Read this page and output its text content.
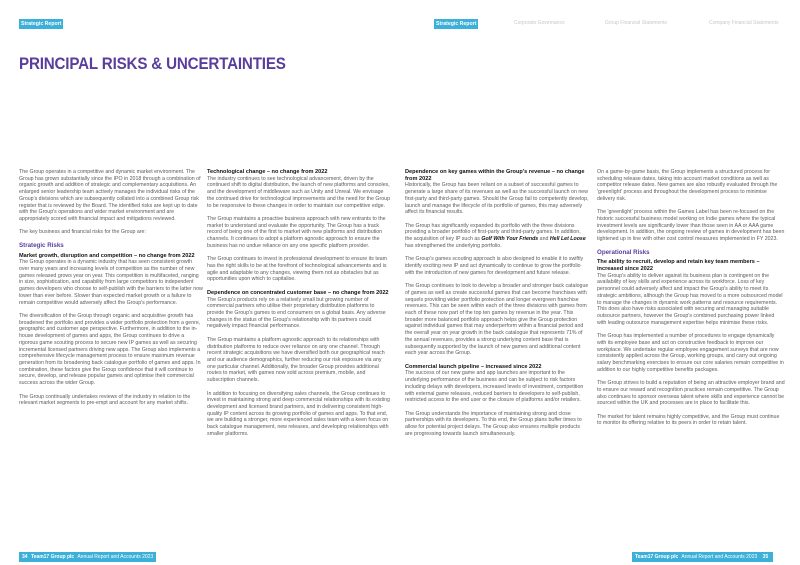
Strategic Report	Strategic Report	Corporate Governance	Group Financial Statements	Company Financial Statements
PRINCIPAL RISKS & UNCERTAINTIES

The Group operates in a competitive and dynamic market environment. The Group has grown substantially since the IPO in 2018 through a combination of organic growth and addition of strategic and complementary acquisitions. An enlarged senior leadership team actively manages the individual risks of the Group's divisions which are subsequently collated into a combined Group risk register that is reviewed by the Board. The identified risks are kept up to date with the Group's operations and wider market environment and are appropriately scored with financial impact and mitigations reviewed.

The key business and financial risks for the Group are:

Strategic Risks
Market growth, disruption and competition – no change from 2022

The Group operates in a dynamic industry that has seen consistent growth over many years and increasing levels of competition as the number of new games released grows year on year. This competition is multifaceted, ranging in size, sophistication, and capability from large competitors to independent games developers who choose to self-publish with the barriers to the latter now lower than ever before. Slower than expected market growth or a failure to remain competitive would adversely affect the Group's performance.

The diversification of the Group through organic and acquisitive growth has broadened the portfolio and provides a wider portfolio protection from a genre, geographic and customer age perspective. Furthermore, in addition to the in-house development of games and apps, the Group continues to drive a rigorous game scouting process to secure new IP games as well as securing incremental licensed partners driving new apps. The Group also implements a comprehensive lifecycle management process to ensure maximum revenue generation from its broadening back catalogue portfolio of games and apps. In combination, these factors give the Group confidence that it will continue to secure, develop, and release popular games and optimise their commercial success across the wider Group.

The Group continually undertakes reviews of the industry in relation to the relevant market segments to pre-empt and account for any market shifts.

Technological change – no change from 2022

The industry continues to see technological advancement, driven by the continued shift to digital distribution, the launch of new platforms and consoles, and the development of middleware such as Unity and Unreal. We envisage the continued drive for technological improvements and the need for the Group to be responsive to these changes in order to maintain our competitive edge.

The Group maintains a proactive business approach with new entrants to the market to understand and evaluate the opportunity. The Group has a track record of being one of the first to market with new platforms and distribution channels. It continues to adopt a platform agnostic approach to ensure the business has no undue reliance on any one specific platform provider.

The Group continues to invest in professional development to ensure its team has the right skills to be at the forefront of technological advancements and is agile and adaptable to any changes, viewing them not as obstacles but as opportunities upon which to capitalise.

Dependence on concentrated customer base – no change from 2022

The Group's products rely on a relatively small but growing number of commercial partners who utilise their proprietary distribution platforms to provide the Group's games to end consumers on a global basis. Any adverse changes in the status of the Group's relationship with its partners could negatively impact financial performance.

The Group maintains a platform agnostic approach to its relationships with distribution platforms to reduce over reliance on any one channel. Through recent strategic acquisitions we have diversified both our geographical reach and our audience demographics, further reducing our risk exposure via any one particular channel. Additionally, the broader Group provides additional routes to market, with games now sold across premium, mobile, and subscription channels.

In addition to focusing on diversifying sales channels, the Group continues to invest in maintaining strong and deep commercial relationships with its existing development and licensed brand partners, and in delivering consistent high-quality IP content across its growing portfolio of games and apps. To that end, we are building a stronger, more experienced sales team with a keen focus on back catalogue management, new releases, and developing relationships with smaller platforms.

Dependence on key games within the Group's revenue – no change from 2022

Historically, the Group has been reliant on a subset of successful games to generate a large share of its revenues as well as the successful launch on new first-party and third-party games. Should the Group fail to competently develop, launch and manage the lifecycle of its portfolio of games, this may adversely affect its financial results.

The Group has significantly expanded its portfolio with the three divisions providing a broader portfolio of first-party and third-party games. In addition, the acquisition of key IP such as Golf With Your Friends and Hell Let Loose has strengthened the underlying portfolio.

The Group's games scouting approach is also designed to enable it to swiftly identify exciting new IP and act dynamically to continue to grow the portfolio with the introduction of new games for development and future release.

The Group continues to look to develop a broader and stronger back catalogue of games as well as create successful games that can become franchises with sequels providing wider portfolio protection and longer evergreen franchise revenues. This can be seen within each of the three divisions with games from each of these now part of the top ten games by revenue in the year. This broader more balanced portfolio approach helps give the Group protection against individual games that may underperform within a financial period and the overall year on year growth in the back catalogue that represents 71% of the annual revenues, provides a strong underlying content base that is subsequently supported by the launch of new games and additional content each year across the Group.

Commercial launch pipeline – increased since 2022

The success of our new game and app launches are important to the underlying performance of the business and can be subject to risk factors including delays with developers, increased levels of investment, competition with external game releases, reduced barriers to developers to self-publish, restricted access to the end user or the closure of platforms and/or retailers.

The Group understands the importance of maintaining strong and close partnerships with its developers. To this end, the Group plans buffer times to allow for potential project delays. The Group also ensures multiple products are progressing towards launch simultaneously.

On a game-by-game basis, the Group implements a structured process for scheduling release dates, taking into account market conditions as well as competitor release dates. New games are also robustly evaluated through the 'greenlight' process and throughout the development process to minimise delivery risk.

The 'greenlight' process within the Games Label has been re-focused on the historic successful business model working on Indie games where the typical investment levels are significantly lower than those seen in AA or AAA game development. In addition, the ongoing review of games in development has been tightened up in line with other cost control measures implemented in FY 2023.

Operational Risks
The ability to recruit, develop and retain key team members – increased since 2022

The Group's ability to deliver against its business plan is contingent on the availability of key skills and experience across its workforce. Loss of key personnel could adversely affect and impact the Group's ability to meet its strategic ambitions, although the Group has moved to a more outsourced model to manage the changes in dynamic work patterns and resource requirements. This does also have risks associated with securing and managing suitable outsource partners, however the Group's combined purchasing power linked with leading outsource management expertise helps minimise these risks.

The Group has implemented a number of procedures to engage dynamically with its employee base and act on constructive feedback to improve our workplace. We undertake regular employee engagement surveys that are now consistently applied across the Group, working groups, and carry out ongoing salary benchmarking exercises to ensure our core salaries remain competitive in addition to our highly competitive benefits packages.

The Group strives to build a reputation of being an attractive employer brand and to ensure our reward and recognition practices remain competitive. The Group also continues to sponsor overseas talent where skills and experience cannot be sourced within the UK and processes are in place to facilitate this.

The market for talent remains highly competitive, and the Group must continue to monitor its offering relative to its peers in order to retain talent.

34 Team17 Group plc Annual Report and Accounts 2023	Team17 Group plc Annual Report and Accounts 2023 35
